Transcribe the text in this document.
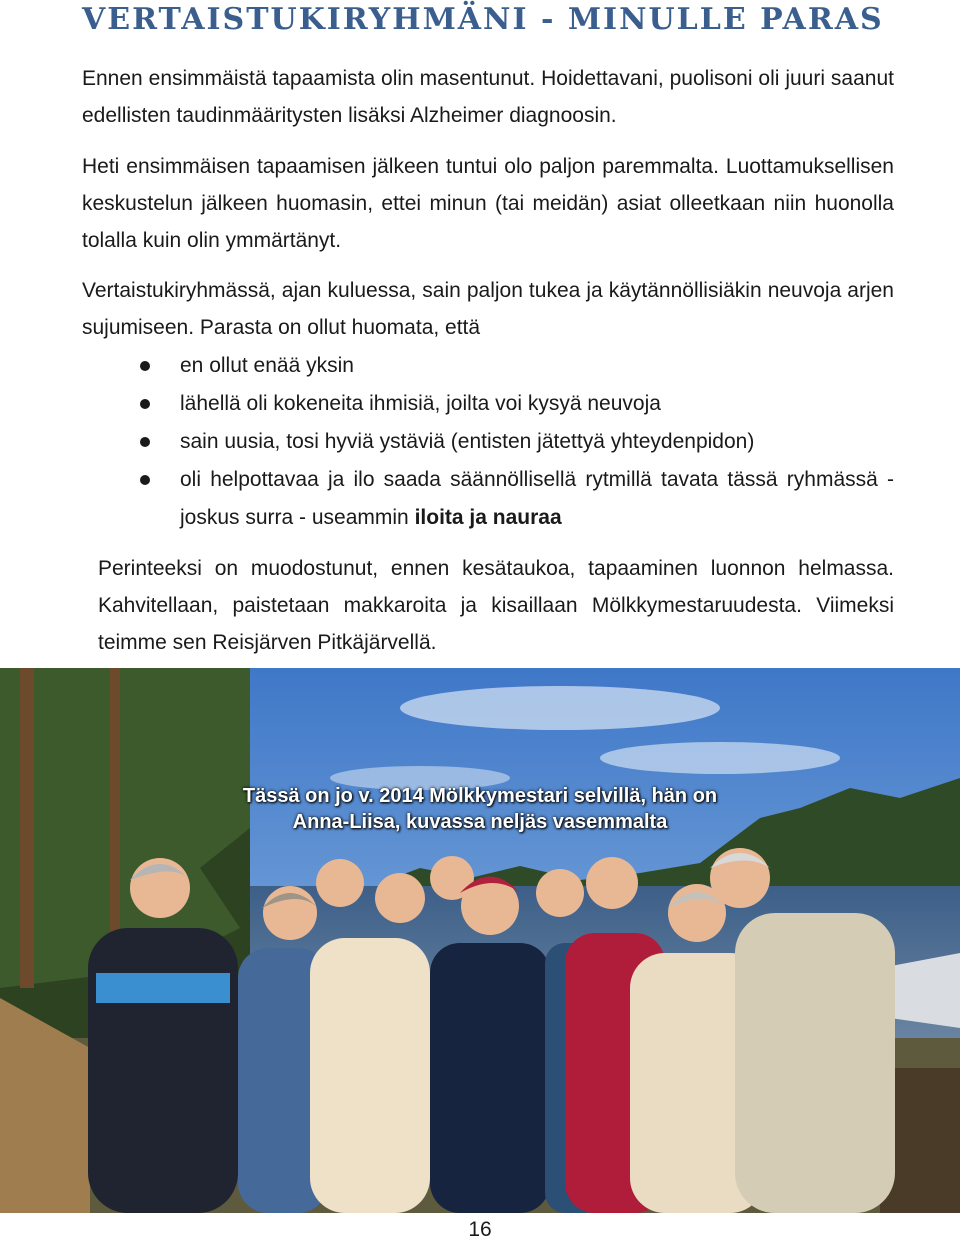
VERTAISTUKIRYHMÄNI - MINULLE PARAS

Ennen ensimmäistä tapaamista olin masentunut. Hoidettavani, puolisoni oli juuri saanut edellisten taudinmääritysten lisäksi Alzheimer diagnoosin.

Heti ensimmäisen tapaamisen jälkeen tuntui olo paljon paremmalta. Luottamuksellisen keskustelun jälkeen huomasin, ettei minun (tai meidän) asiat olleetkaan niin huonolla tolalla kuin olin ymmärtänyt.

Vertaistukiryhmässä, ajan kuluessa, sain paljon tukea ja käytännöllisiäkin neuvoja arjen sujumiseen. Parasta on ollut huomata, että

en ollut enää yksin
lähellä oli kokeneita ihmisiä, joilta voi kysyä neuvoja
sain uusia, tosi hyviä ystäviä (entisten jätettyä yhteydenpidon)
oli helpottavaa ja ilo saada säännöllisellä rytmillä tavata tässä ryhmässä - joskus surra - useammin iloita ja nauraa

Perinteeksi on muodostunut, ennen kesätaukoa, tapaaminen luonnon helmassa. Kahvitellaan, paistetaan makkaroita ja kisaillaan Mölkkymestaruudesta. Viimeksi teimme sen Reisjärven Pitkäjärvellä.

Tässä on jo v. 2014 Mölkkymestari selvillä, hän on
Anna-Liisa, kuvassa neljäs vasemmalta
16
